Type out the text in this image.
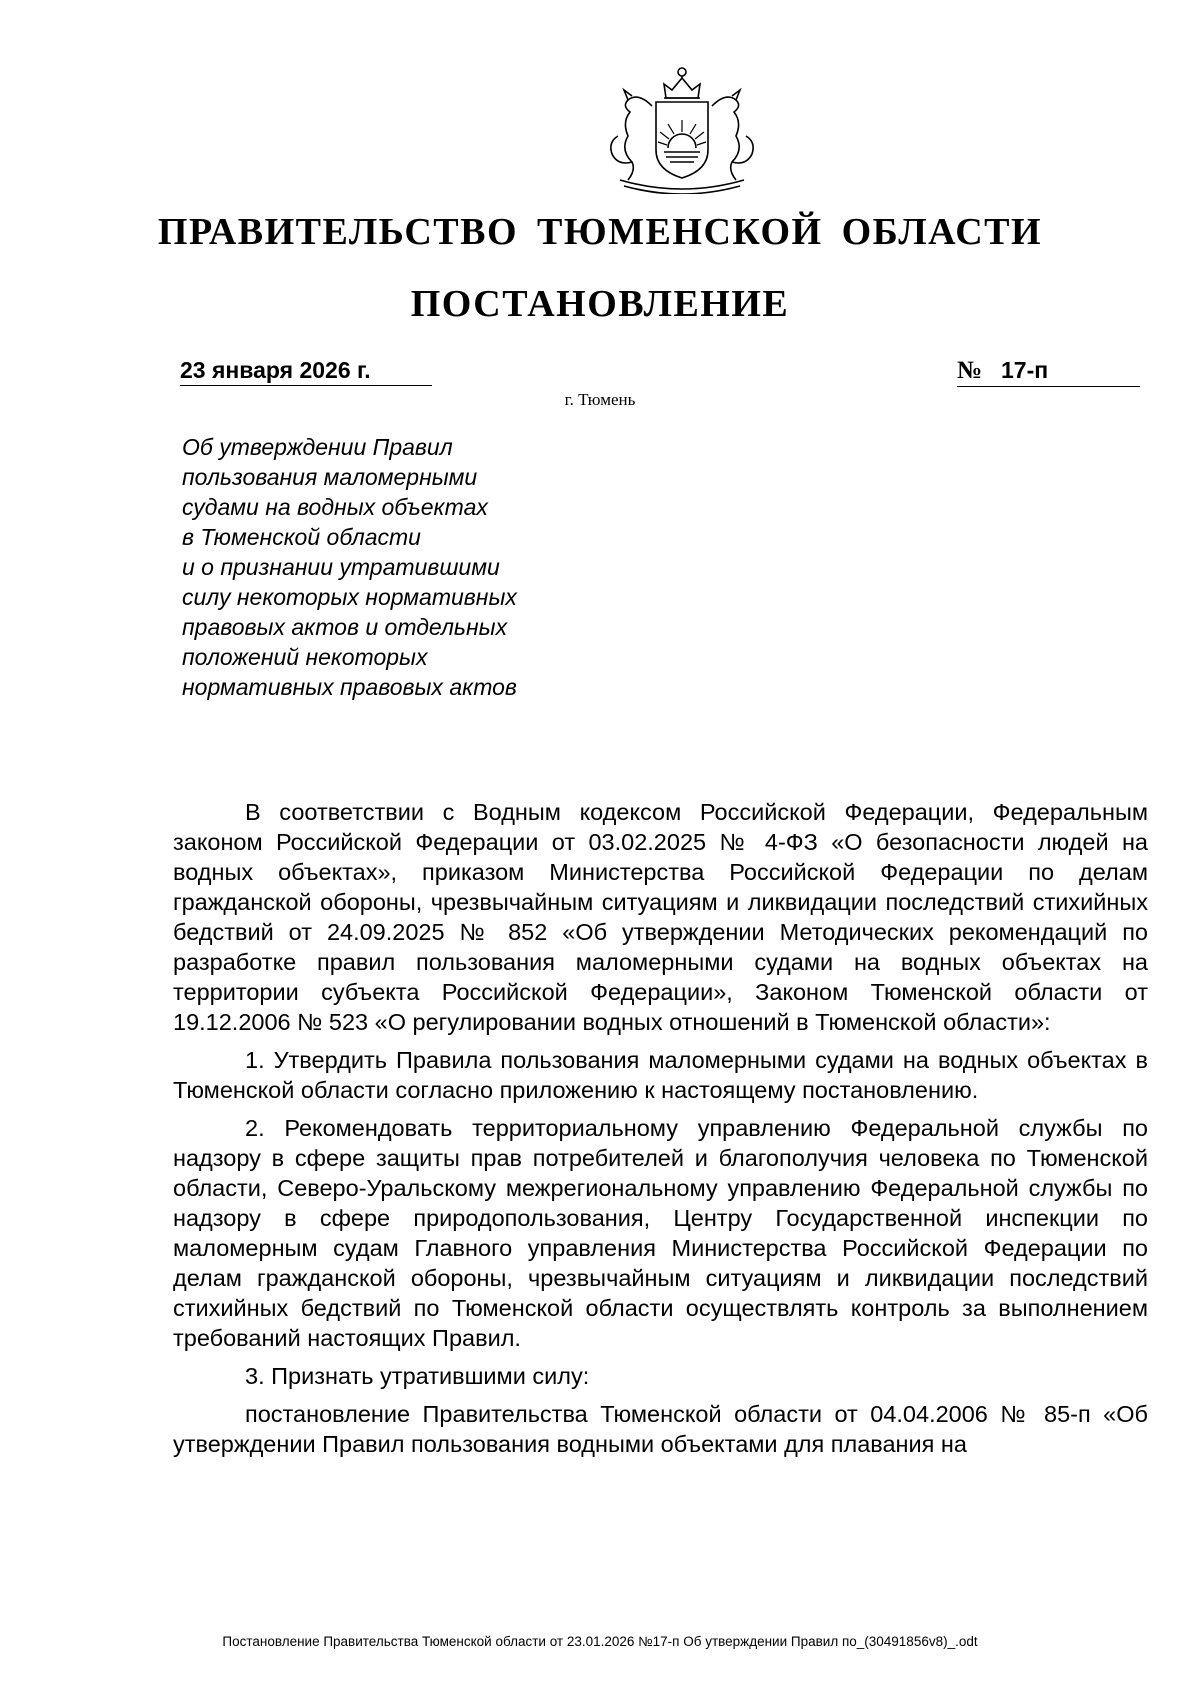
ПРАВИТЕЛЬСТВО ТЮМЕНСКОЙ ОБЛАСТИ
ПОСТАНОВЛЕНИЕ
23 января 2026 г.	№ 17-п
г. Тюмень
Об утверждении Правил
пользования маломерными
судами на водных объектах
в Тюменской области
и о признании утратившими
силу некоторых нормативных
правовых актов и отдельных
положений некоторых
нормативных правовых актов

В соответствии с Водным кодексом Российской Федерации, Федеральным законом Российской Федерации от 03.02.2025 № 4-ФЗ «О безопасности людей на водных объектах», приказом Министерства Российской Федерации по делам гражданской обороны, чрезвычайным ситуациям и ликвидации последствий стихийных бедствий от 24.09.2025 № 852 «Об утверждении Методических рекомендаций по разработке правил пользования маломерными судами на водных объектах на территории субъекта Российской Федерации», Законом Тюменской области от 19.12.2006 № 523 «О регулировании водных отношений в Тюменской области»:

1. Утвердить Правила пользования маломерными судами на водных объектах в Тюменской области согласно приложению к настоящему постановлению.

2. Рекомендовать территориальному управлению Федеральной службы по надзору в сфере защиты прав потребителей и благополучия человека по Тюменской области, Северо-Уральскому межрегиональному управлению Федеральной службы по надзору в сфере природопользования, Центру Государственной инспекции по маломерным судам Главного управления Министерства Российской Федерации по делам гражданской обороны, чрезвычайным ситуациям и ликвидации последствий стихийных бедствий по Тюменской области осуществлять контроль за выполнением требований настоящих Правил.

3. Признать утратившими силу:

постановление Правительства Тюменской области от 04.04.2006 № 85-п «Об утверждении Правил пользования водными объектами для плавания на

Постановление Правительства Тюменской области от 23.01.2026 №17-п Об утверждении Правил по_(30491856v8)_.odt
